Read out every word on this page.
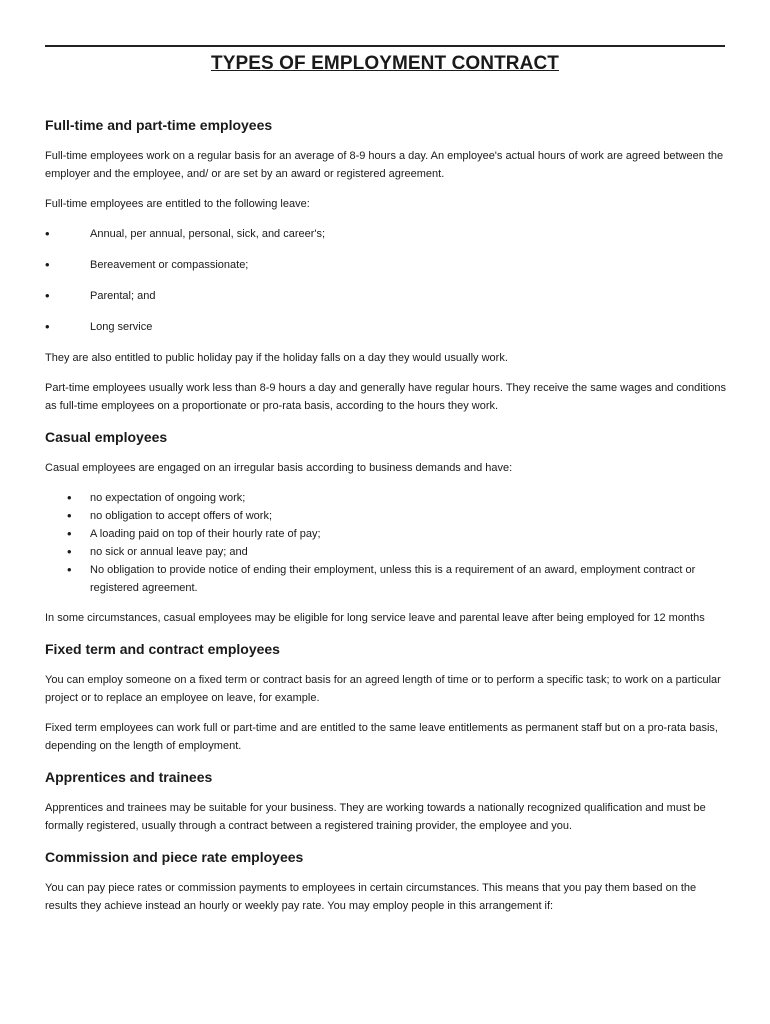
TYPES OF EMPLOYMENT CONTRACT
Full-time and part-time employees

Full-time employees work on a regular basis for an average of 8-9 hours a day. An employee's actual hours of work are agreed between the employer and the employee, and/ or are set by an award or registered agreement.

Full-time employees are entitled to the following leave:

• Annual, per annual, personal, sick, and career's;
• Bereavement or compassionate;
• Parental; and
• Long service

They are also entitled to public holiday pay if the holiday falls on a day they would usually work.

Part-time employees usually work less than 8-9 hours a day and generally have regular hours. They receive the same wages and conditions as full-time employees on a proportionate or pro-rata basis, according to the hours they work.

Casual employees

Casual employees are engaged on an irregular basis according to business demands and have:

• no expectation of ongoing work;
• no obligation to accept offers of work;
• A loading paid on top of their hourly rate of pay;
• no sick or annual leave pay; and
• No obligation to provide notice of ending their employment, unless this is a requirement of an award, employment contract or registered agreement.

In some circumstances, casual employees may be eligible for long service leave and parental leave after being employed for 12 months

Fixed term and contract employees

You can employ someone on a fixed term or contract basis for an agreed length of time or to perform a specific task; to work on a particular project or to replace an employee on leave, for example.

Fixed term employees can work full or part-time and are entitled to the same leave entitlements as permanent staff but on a pro-rata basis, depending on the length of employment.

Apprentices and trainees

Apprentices and trainees may be suitable for your business. They are working towards a nationally recognized qualification and must be formally registered, usually through a contract between a registered training provider, the employee and you.

Commission and piece rate employees

You can pay piece rates or commission payments to employees in certain circumstances. This means that you pay them based on the results they achieve instead an hourly or weekly pay rate. You may employ people in this arrangement if:
